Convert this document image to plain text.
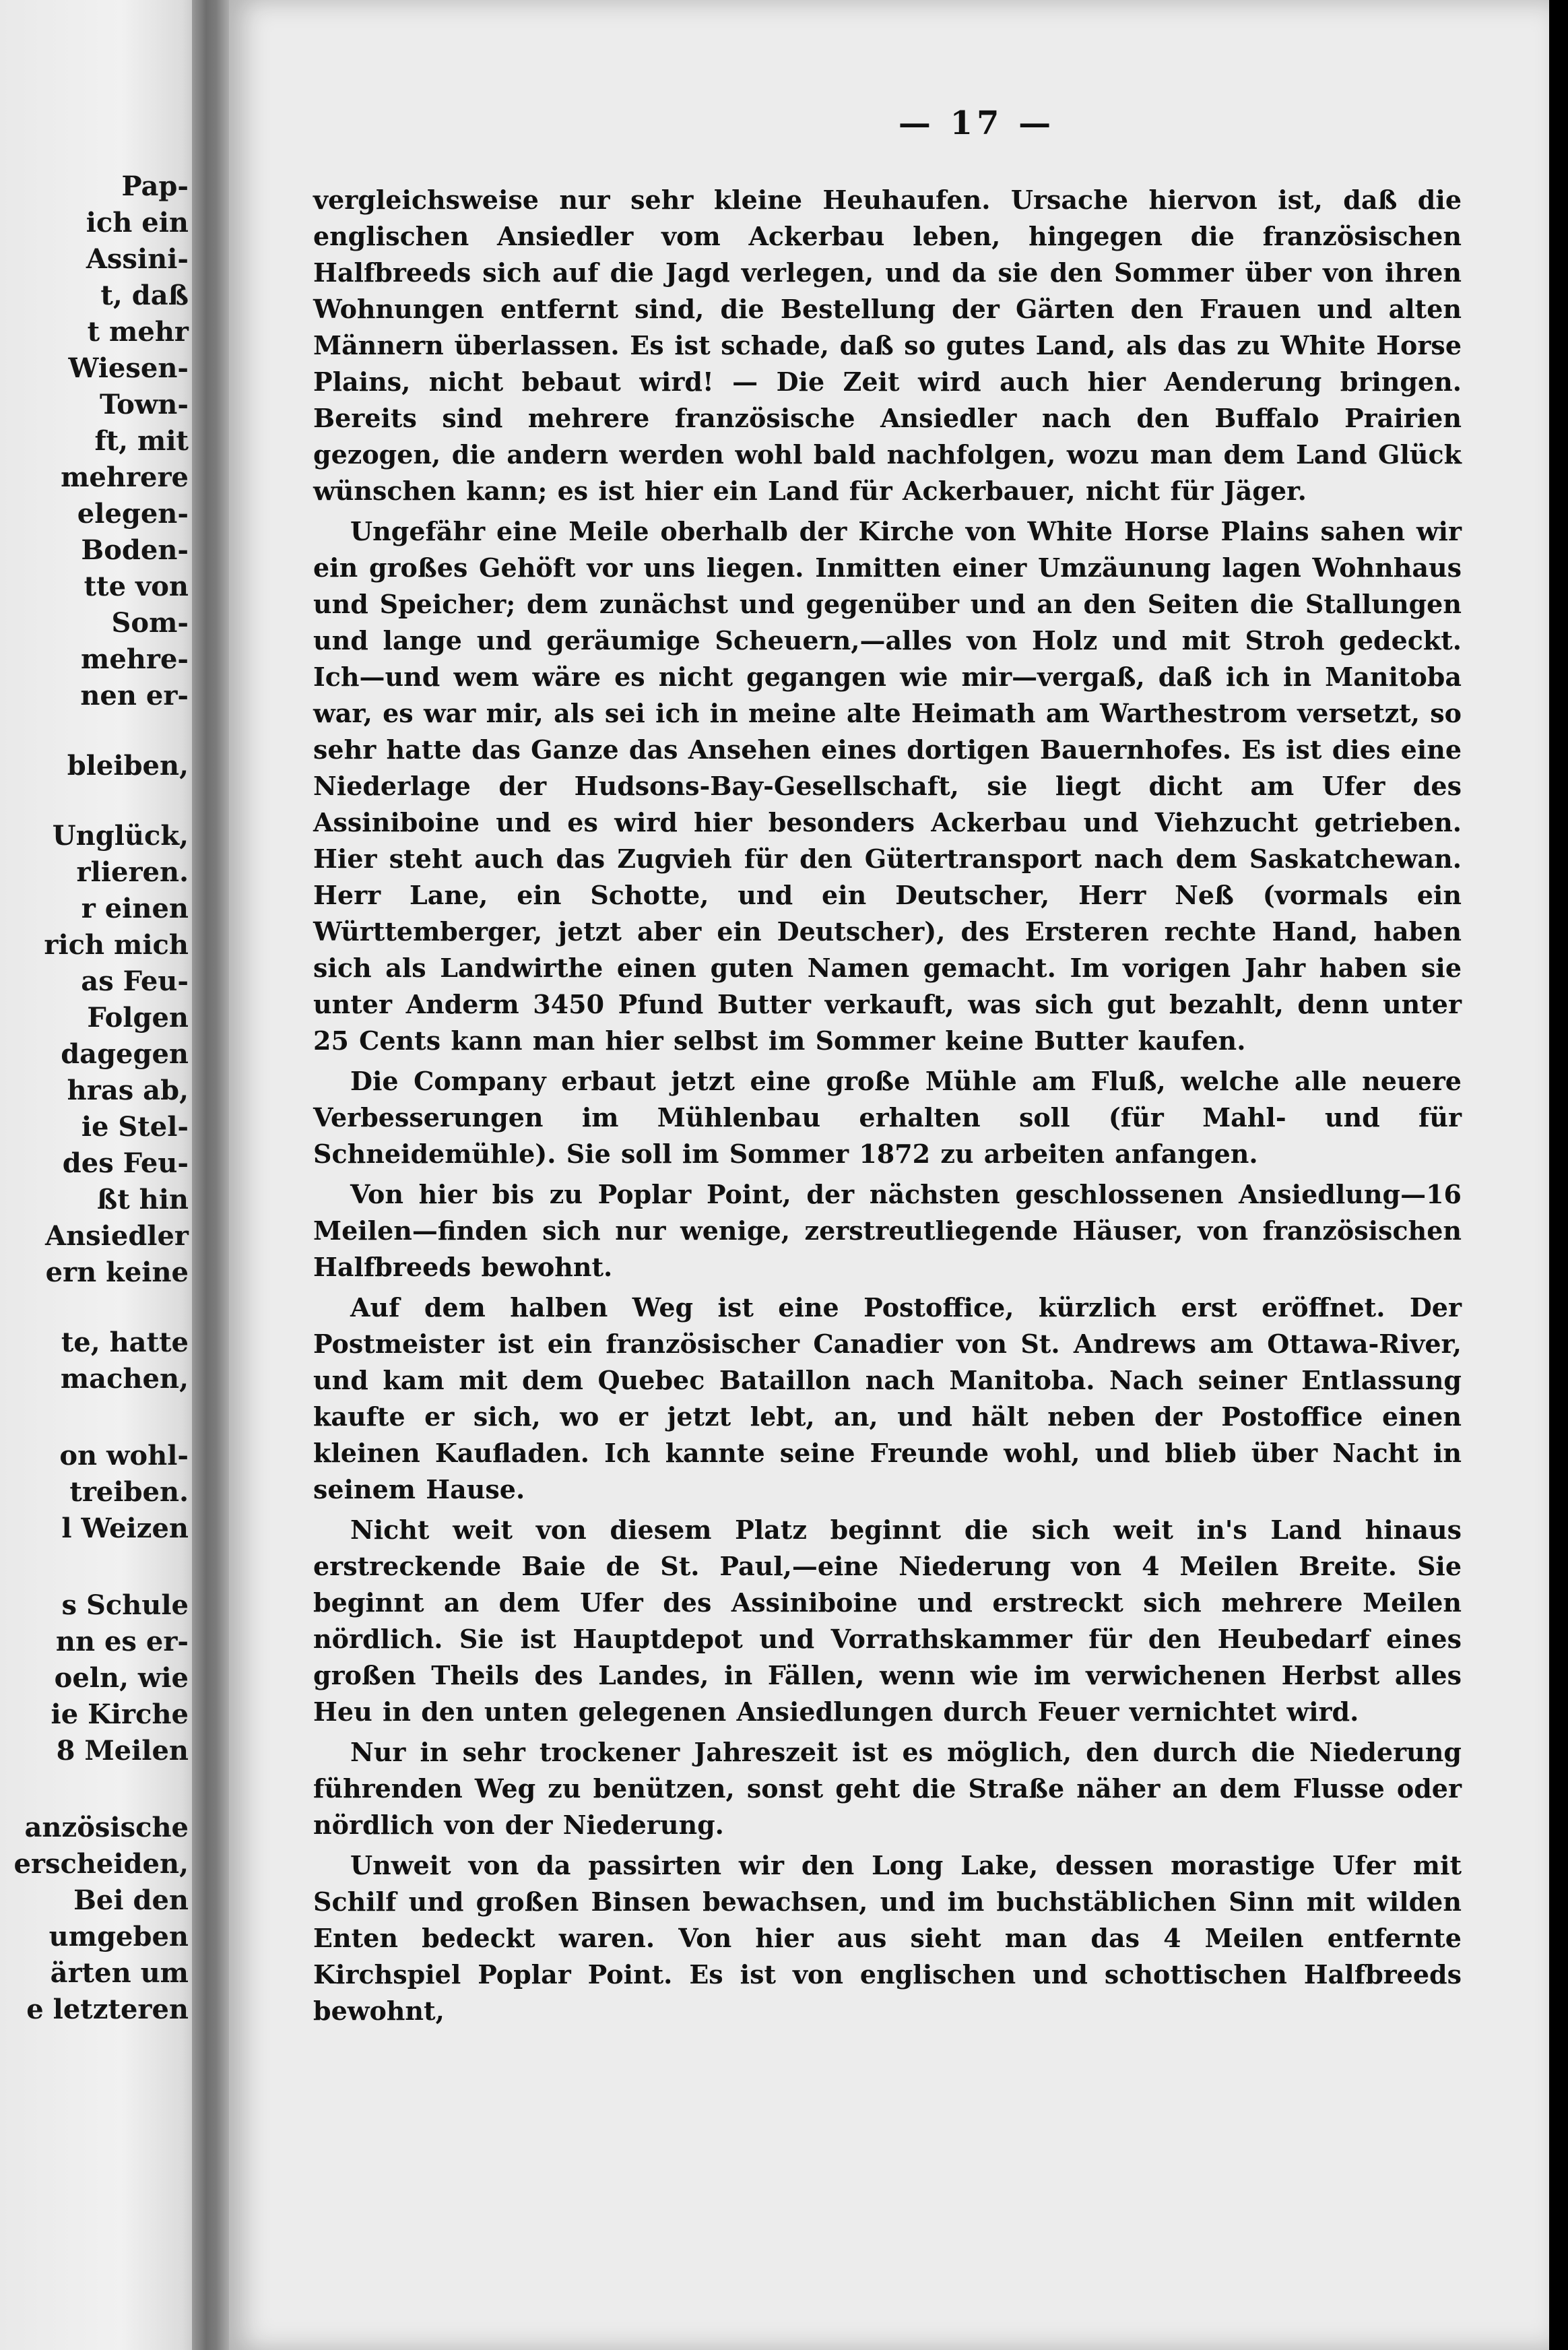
Pap-
ich ein
Assini-
t, daß
t mehr
Wiesen-
Town-
ft, mit
mehrere
elegen-
Boden-
tte von
Som-
mehre-
nen er-
bleiben,
Unglück,
rlieren.
r einen
rich mich
as Feu-
Folgen
dagegen
hras ab,
ie Stel-
des Feu-
ßt hin
Ansiedler
ern keine
te, hatte
machen,
on wohl-
treiben.
l Weizen
s Schule
nn es er-
oeln, wie
ie Kirche
8 Meilen
anzösische
erscheiden,
Bei den
umgeben
ärten um
e letzteren
— 17 —

vergleichsweise nur sehr kleine Heuhaufen. Ursache hiervon ist, daß die englischen Ansiedler vom Ackerbau leben, hingegen die französischen Halfbreeds sich auf die Jagd verlegen, und da sie den Sommer über von ihren Wohnungen entfernt sind, die Bestellung der Gärten den Frauen und alten Männern überlassen. Es ist schade, daß so gutes Land, als das zu White Horse Plains, nicht bebaut wird! — Die Zeit wird auch hier Aenderung bringen. Bereits sind mehrere französische Ansiedler nach den Buffalo Prairien gezogen, die andern werden wohl bald nachfolgen, wozu man dem Land Glück wünschen kann; es ist hier ein Land für Ackerbauer, nicht für Jäger.

Ungefähr eine Meile oberhalb der Kirche von White Horse Plains sahen wir ein großes Gehöft vor uns liegen. Inmitten einer Umzäunung lagen Wohnhaus und Speicher; dem zunächst und gegenüber und an den Seiten die Stallungen und lange und geräumige Scheuern,—alles von Holz und mit Stroh gedeckt. Ich—und wem wäre es nicht gegangen wie mir—vergaß, daß ich in Manitoba war, es war mir, als sei ich in meine alte Heimath am Warthestrom versetzt, so sehr hatte das Ganze das Ansehen eines dortigen Bauernhofes. Es ist dies eine Niederlage der Hudsons-Bay-Gesellschaft, sie liegt dicht am Ufer des Assiniboine und es wird hier besonders Ackerbau und Viehzucht getrieben. Hier steht auch das Zugvieh für den Gütertransport nach dem Saskatchewan. Herr Lane, ein Schotte, und ein Deutscher, Herr Neß (vormals ein Württemberger, jetzt aber ein Deutscher), des Ersteren rechte Hand, haben sich als Landwirthe einen guten Namen gemacht. Im vorigen Jahr haben sie unter Anderm 3450 Pfund Butter verkauft, was sich gut bezahlt, denn unter 25 Cents kann man hier selbst im Sommer keine Butter kaufen.

Die Company erbaut jetzt eine große Mühle am Fluß, welche alle neuere Verbesserungen im Mühlenbau erhalten soll (für Mahl- und für Schneidemühle). Sie soll im Sommer 1872 zu arbeiten anfangen.

Von hier bis zu Poplar Point, der nächsten geschlossenen Ansiedlung—16 Meilen—finden sich nur wenige, zerstreutliegende Häuser, von französischen Halfbreeds bewohnt.

Auf dem halben Weg ist eine Postoffice, kürzlich erst eröffnet. Der Postmeister ist ein französischer Canadier von St. Andrews am Ottawa-River, und kam mit dem Quebec Bataillon nach Manitoba. Nach seiner Entlassung kaufte er sich, wo er jetzt lebt, an, und hält neben der Postoffice einen kleinen Kaufladen. Ich kannte seine Freunde wohl, und blieb über Nacht in seinem Hause.

Nicht weit von diesem Platz beginnt die sich weit in's Land hinaus erstreckende Baie de St. Paul,—eine Niederung von 4 Meilen Breite. Sie beginnt an dem Ufer des Assiniboine und erstreckt sich mehrere Meilen nördlich. Sie ist Hauptdepot und Vorrathskammer für den Heubedarf eines großen Theils des Landes, in Fällen, wenn wie im verwichenen Herbst alles Heu in den unten gelegenen Ansiedlungen durch Feuer vernichtet wird.

Nur in sehr trockener Jahreszeit ist es möglich, den durch die Niederung führenden Weg zu benützen, sonst geht die Straße näher an dem Flusse oder nördlich von der Niederung.

Unweit von da passirten wir den Long Lake, dessen morastige Ufer mit Schilf und großen Binsen bewachsen, und im buchstäblichen Sinn mit wilden Enten bedeckt waren. Von hier aus sieht man das 4 Meilen entfernte Kirchspiel Poplar Point. Es ist von englischen und schottischen Halfbreeds bewohnt,
